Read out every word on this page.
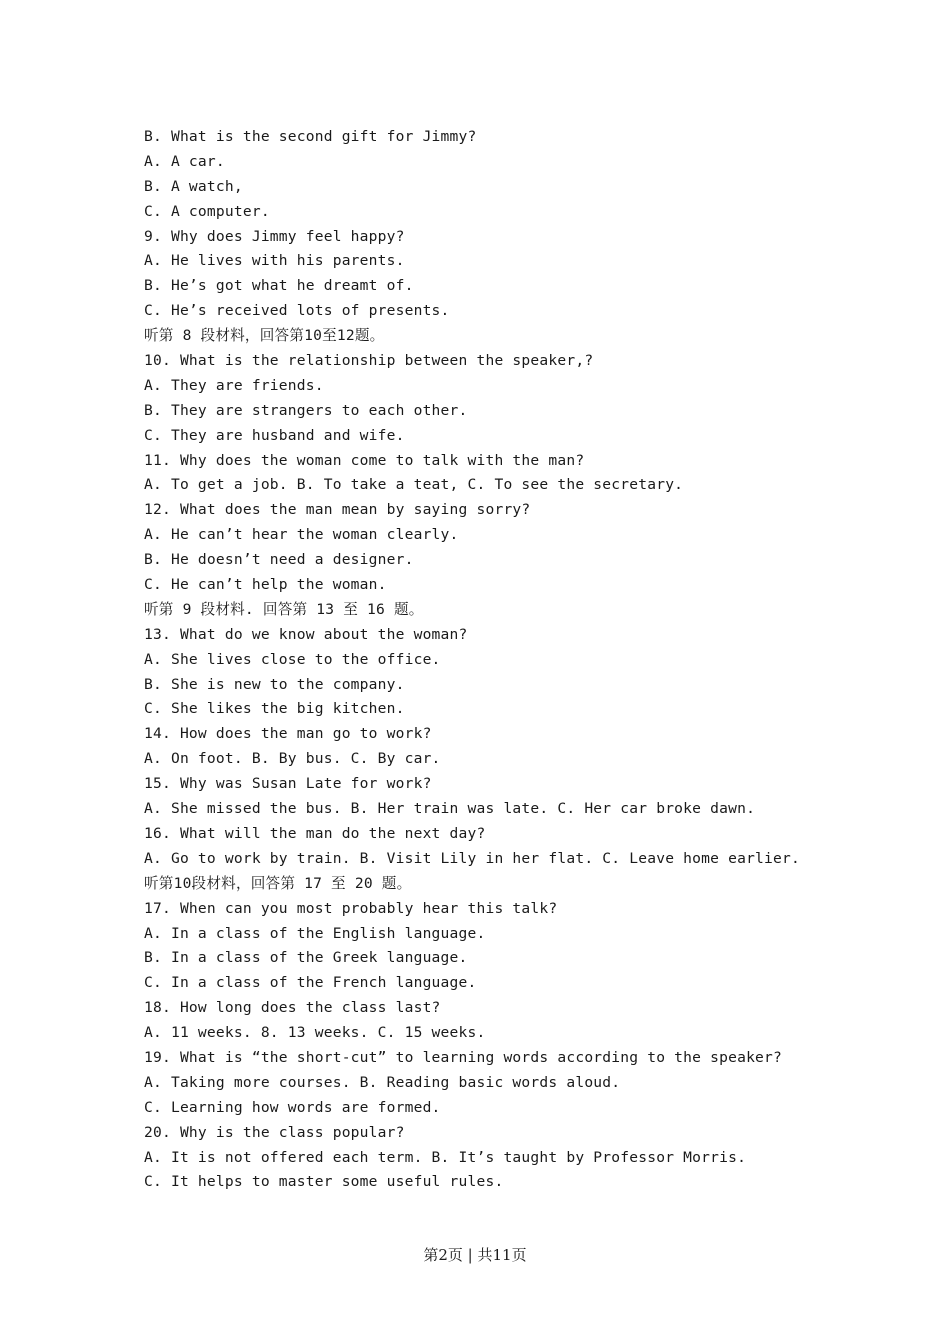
B. What is the second gift for Jimmy?
A. A car.
B. A watch,
C. A computer.
9. Why does Jimmy feel happy?
A. He lives with his parents.
B. He’s got what he dreamt of.
C. He’s received lots of presents.
听第 8 段材料，回答第10至12题。
10. What is the relationship between the speaker,?
A. They are friends.
B. They are strangers to each other.
C. They are husband and wife.
11. Why does the woman come to talk with the man?
A. To get a job. B. To take a teat, C. To see the secretary.
12. What does the man mean by saying sorry?
A. He can’t hear the woman clearly.
B. He doesn’t need a designer.
C. He can’t help the woman.
听第 9 段材料. 回答第 13 至 16 题。
13. What do we know about the woman?
A. She lives close to the office.
B. She is new to the company.
C. She likes the big kitchen.
14. How does the man go to work?
A. On foot. B. By bus. C. By car.
15. Why was Susan Late for work?
A. She missed the bus. B. Her train was late. C. Her car broke dawn.
16. What will the man do the next day?
A. Go to work by train. B. Visit Lily in her flat. C. Leave home earlier.
听第10段材料，回答第 17 至 20 题。
17. When can you most probably hear this talk?
A. In a class of the English language.
B. In a class of the Greek language.
C. In a class of the French language.
18. How long does the class last?
A. 11 weeks. 8. 13 weeks. C. 15 weeks.
19. What is “the short-cut” to learning words according to the speaker?
A. Taking more courses. B. Reading basic words aloud.
C. Learning how words are formed.
20. Why is the class popular?
A. It is not offered each term. B. It’s taught by Professor Morris.
C. It helps to master some useful rules.
第2页 | 共11页
